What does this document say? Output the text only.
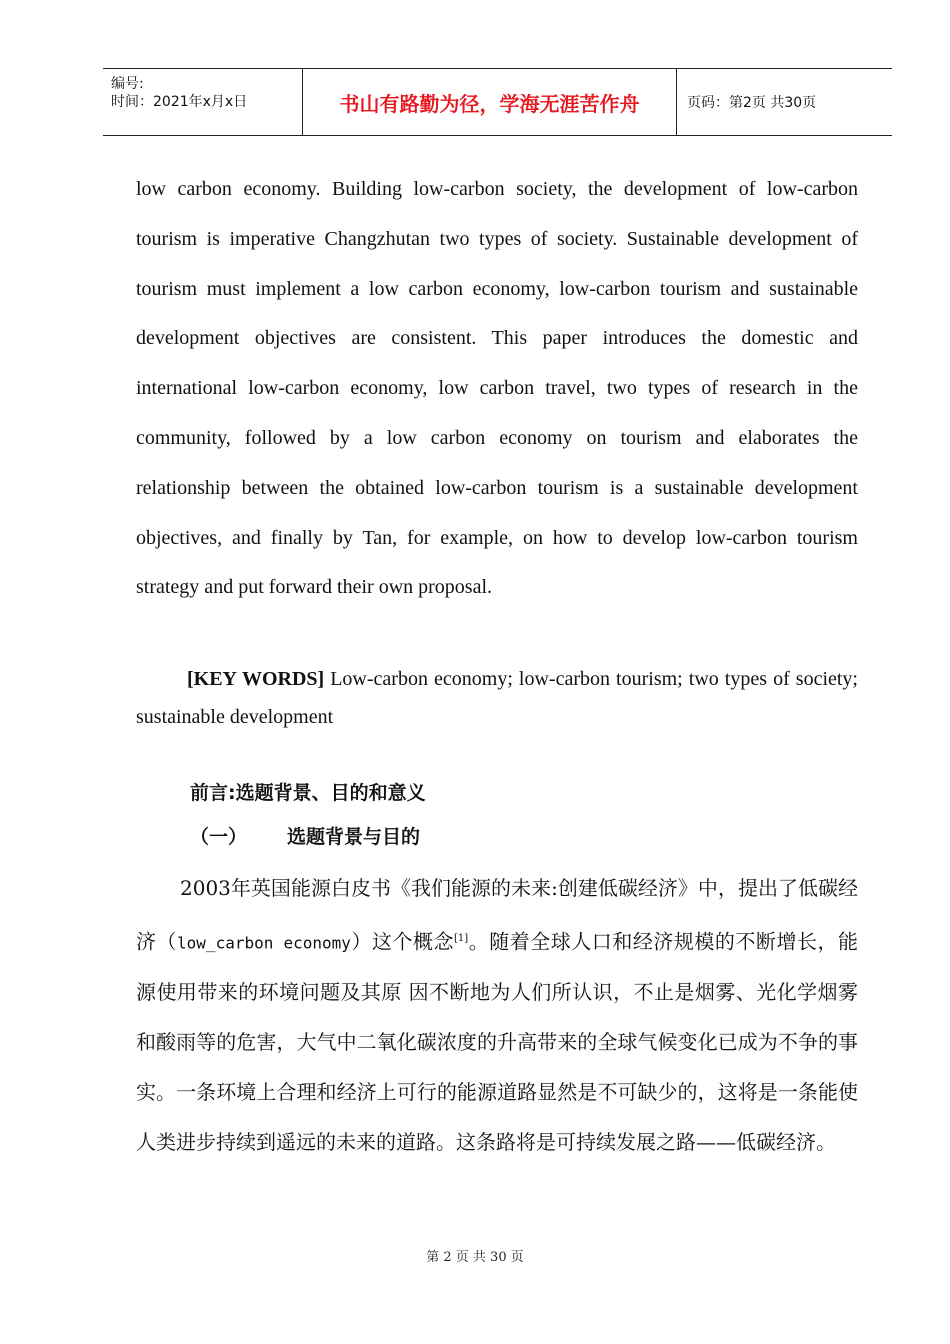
编号:
时间：2021年x月x日	书山有路勤为径，学海无涯苦作舟	页码：第2页 共30页

low carbon economy. Building low-carbon society, the development of low-carbon tourism is imperative Changzhutan two types of society. Sustainable development of tourism must implement a low carbon economy, low-carbon tourism and sustainable development objectives are consistent. This paper introduces the domestic and international low-carbon economy, low carbon travel, two types of research in the community, followed by a low carbon economy on tourism and elaborates the relationship between the obtained low-carbon tourism is a sustainable development objectives, and finally by Tan, for example, on how to develop low-carbon tourism strategy and put forward their own proposal.

[KEY WORDS] Low-carbon economy; low-carbon tourism; two types of society; sustainable development

前言:选题背景、目的和意义
（一） 选题背景与目的

2003年英国能源白皮书《我们能源的未来:创建低碳经济》中，提出了低碳经济（low_carbon economy）这个概念[1]。随着全球人口和经济规模的不断增长，能源使用带来的环境问题及其原 因不断地为人们所认识，不止是烟雾、光化学烟雾和酸雨等的危害，大气中二氧化碳浓度的升高带来的全球气候变化已成为不争的事实。一条环境上合理和经济上可行的能源道路显然是不可缺少的，这将是一条能使人类进步持续到遥远的未来的道路。这条路将是可持续发展之路——低碳经济。

第 2 页 共 30 页
